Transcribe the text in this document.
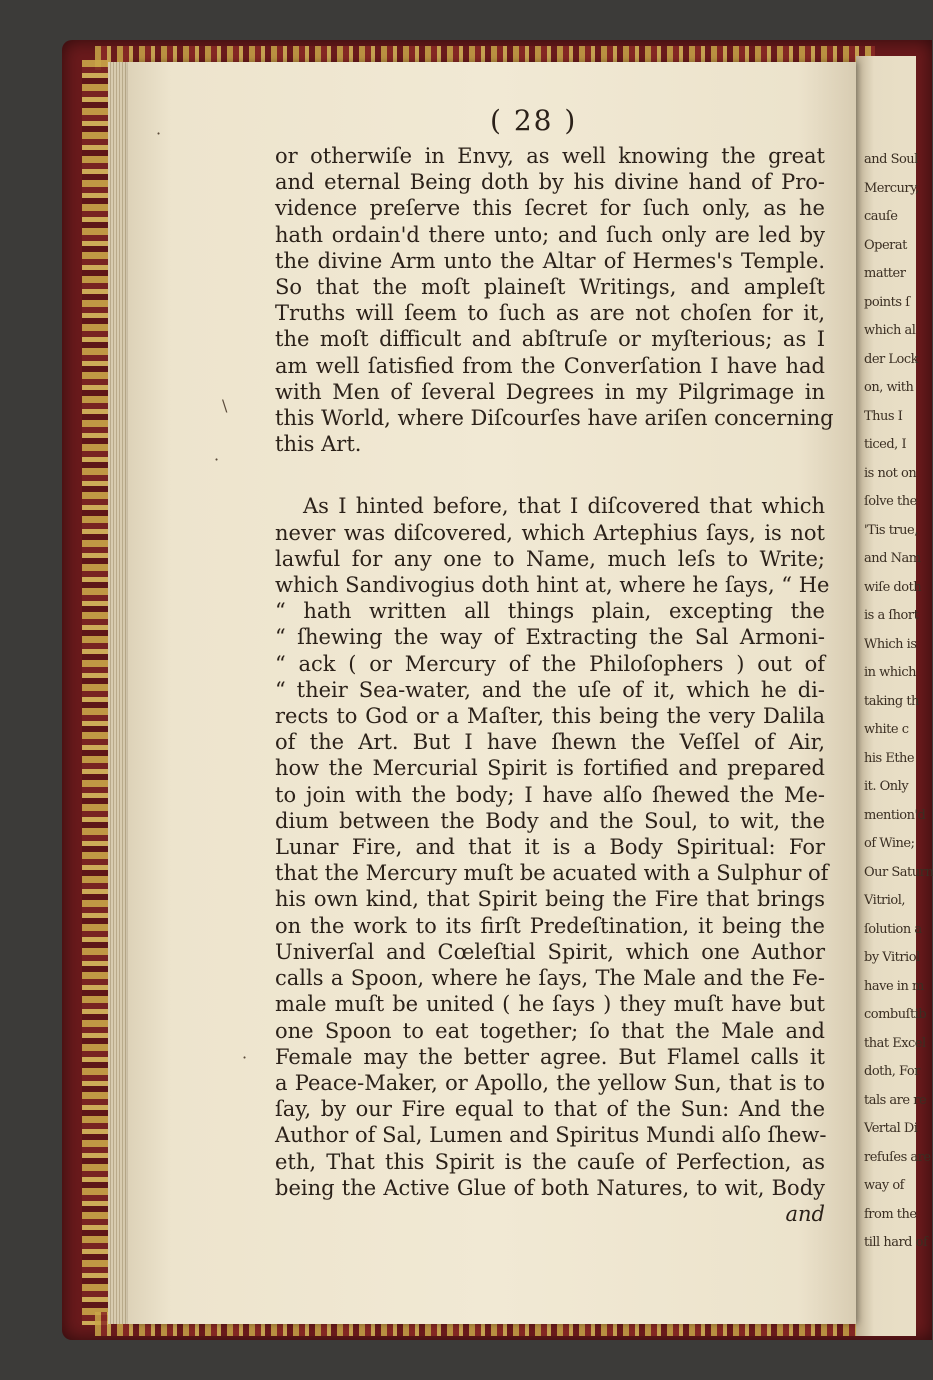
and Soul
Mercury,
cauſe
Operat
matter
points ſ
which al
der Lock
on, with
Thus I
ticed, I
is not on
ſolve the
'Tis true,
and Nam
wiſe doth
is a ſhort
Which is
in which
taking th
white c
his Ethe
it. Only
mention'd
of Wine;
Our Saturn
Vitriol,
ſolution a
by Vitriol
have in m
combuſtib
that Excel
doth, For
tals are re
Vertal Di
refuſes are
way of
from the
till hard of
·
\
·
·
( 28 )
or otherwiſe in Envy, as well knowing the great
and eternal Being doth by his divine hand of Pro-
vidence preſerve this ſecret for ſuch only, as he
hath ordain'd there unto; and ſuch only are led by
the divine Arm unto the Altar of Hermes's Temple.
So that the moſt plaineſt Writings, and ampleſt
Truths will ſeem to ſuch as are not choſen for it,
the moſt difficult and abſtruſe or myſterious; as I
am well ſatisfied from the Converſation I have had
with Men of ſeveral Degrees in my Pilgrimage in
this World, where Diſcourſes have ariſen concerning
this Art.
As I hinted before, that I diſcovered that which
never was diſcovered, which Artephius ſays, is not
lawful for any one to Name, much leſs to Write;
which Sandivogius doth hint at, where he ſays, “ He
“ hath written all things plain, excepting the
“ ſhewing the way of Extracting the Sal Armoni-
“ ack ( or Mercury of the Philoſophers ) out of
“ their Sea-water, and the uſe of it, which he di-
rects to God or a Maſter, this being the very Dalila
of the Art. But I have ſhewn the Veſſel of Air,
how the Mercurial Spirit is fortified and prepared
to join with the body; I have alſo ſhewed the Me-
dium between the Body and the Soul, to wit, the
Lunar Fire, and that it is a Body Spiritual: For
that the Mercury muſt be acuated with a Sulphur of
his own kind, that Spirit being the Fire that brings
on the work to its firſt Predeſtination, it being the
Univerſal and Cœleſtial Spirit, which one Author
calls a Spoon, where he ſays, The Male and the Fe-
male muſt be united ( he ſays ) they muſt have but
one Spoon to eat together; ſo that the Male and
Female may the better agree. But Flamel calls it
a Peace-Maker, or Apollo, the yellow Sun, that is to
ſay, by our Fire equal to that of the Sun: And the
Author of Sal, Lumen and Spiritus Mundi alſo ſhew-
eth, That this Spirit is the cauſe of Perfection, as
being the Active Glue of both Natures, to wit, Body
and
